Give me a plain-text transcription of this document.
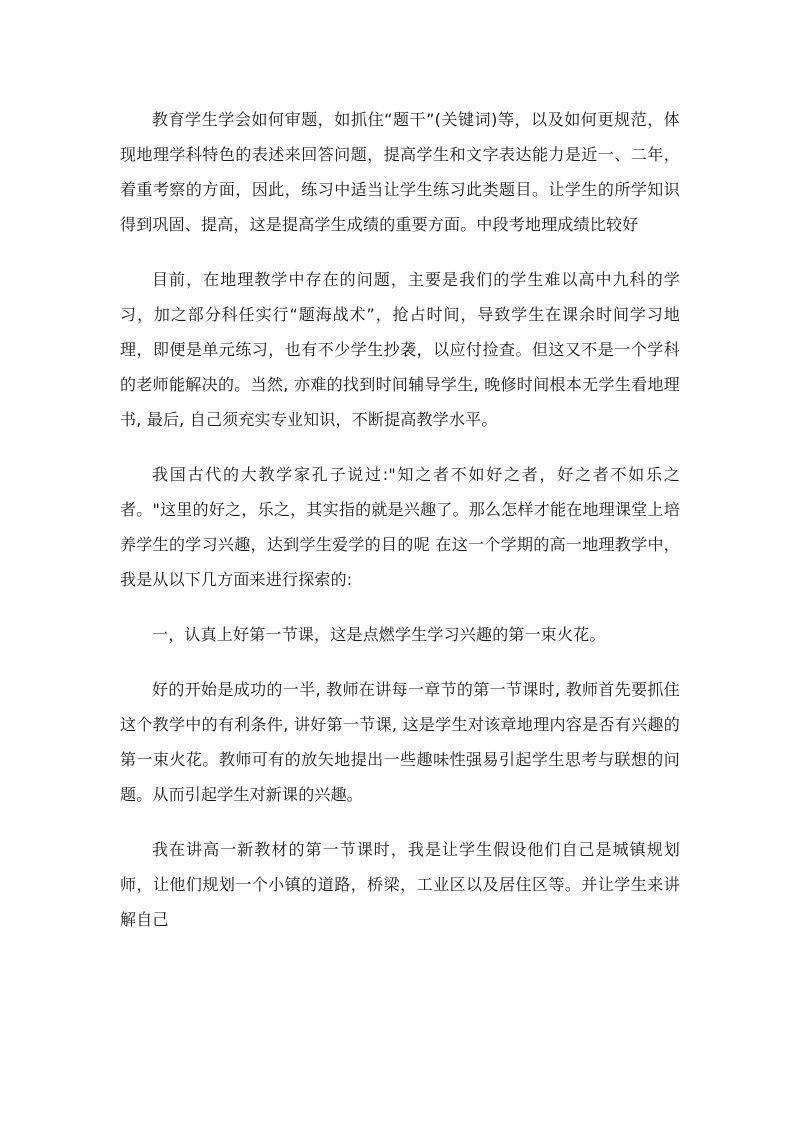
教育学生学会如何审题，如抓住“题干”(关键词)等，以及如何更规范，体现地理学科特色的表述来回答问题，提高学生和文字表达能力是近一、二年，着重考察的方面，因此，练习中适当让学生练习此类题目。让学生的所学知识得到巩固、提高，这是提高学生成绩的重要方面。中段考地理成绩比较好

目前，在地理教学中存在的问题，主要是我们的学生难以高中九科的学习，加之部分科任实行“题海战术”，抢占时间，导致学生在课余时间学习地理，即便是单元练习，也有不少学生抄袭，以应付捡查。但这又不是一个学科的老师能解决的。当然, 亦难的找到时间辅导学生, 晚修时间根本无学生看地理书, 最后, 自己须充实专业知识，不断提高教学水平。

我国古代的大教学家孔子说过:"知之者不如好之者，好之者不如乐之者。"这里的好之，乐之，其实指的就是兴趣了。那么怎样才能在地理课堂上培养学生的学习兴趣，达到学生爱学的目的呢 在这一个学期的高一地理教学中，我是从以下几方面来进行探索的:

一，认真上好第一节课，这是点燃学生学习兴趣的第一束火花。

好的开始是成功的一半, 教师在讲每一章节的第一节课时, 教师首先要抓住这个教学中的有利条件, 讲好第一节课, 这是学生对该章地理内容是否有兴趣的第一束火花。教师可有的放矢地提出一些趣味性强易引起学生思考与联想的问题。从而引起学生对新课的兴趣。

我在讲高一新教材的第一节课时，我是让学生假设他们自己是城镇规划师，让他们规划一个小镇的道路，桥梁，工业区以及居住区等。并让学生来讲解自己
